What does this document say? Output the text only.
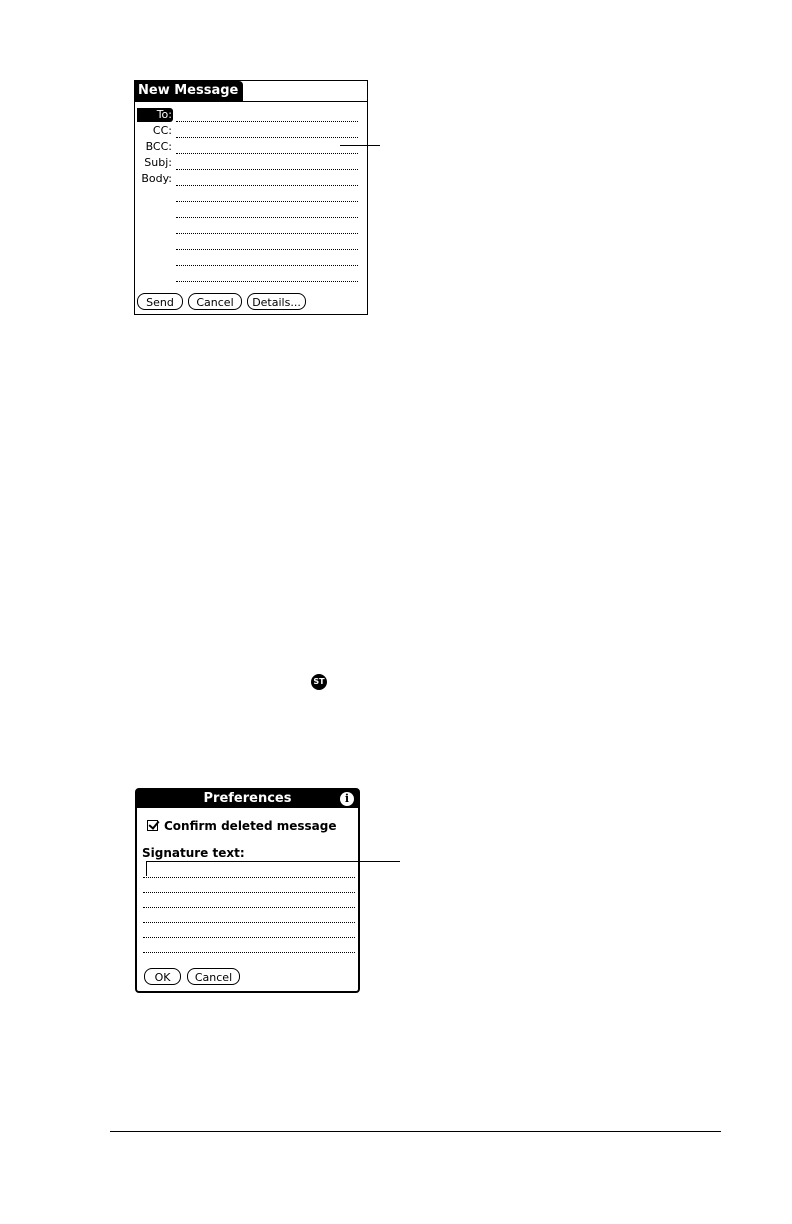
New Message
To:
CC:
BCC:
Subj:
Body:
Send	Cancel	Details...
ST
Preferences	i
Confirm deleted message
Signature text:
OK	Cancel
